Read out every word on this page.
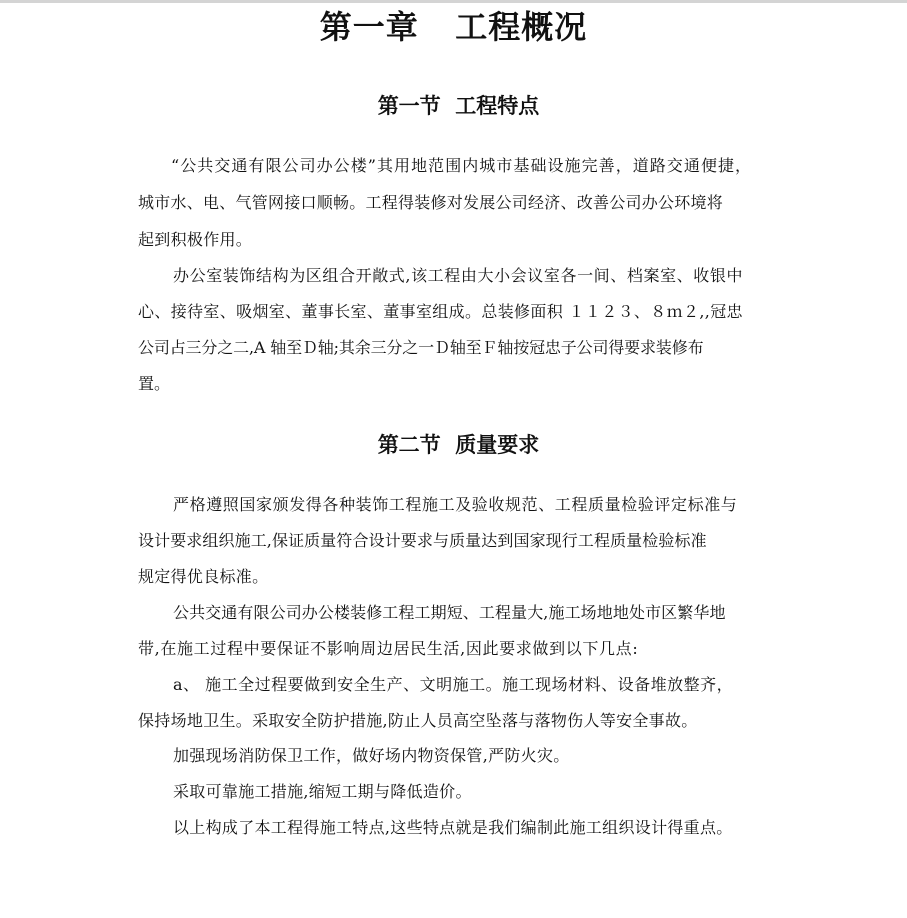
第一章   工程概况
第一节  工程特点
“公共交通有限公司办公楼”其用地范围内城市基础设施完善，道路交通便捷，
城市水、电、气管网接口顺畅。工程得装修对发展公司经济、改善公司办公环境将
起到积极作用。
办公室装饰结构为区组合开敞式,该工程由大小会议室各一间、档案室、收银中
心、接待室、吸烟室、董事长室、董事室组成。总装修面积 １１２３、８ｍ２,,冠忠
公司占三分之二,A 轴至Ｄ轴;其余三分之一Ｄ轴至Ｆ轴按冠忠子公司得要求装修布
置。
第二节  质量要求
严格遵照国家颁发得各种装饰工程施工及验收规范、工程质量检验评定标准与
设计要求组织施工,保证质量符合设计要求与质量达到国家现行工程质量检验标准
规定得优良标准。
公共交通有限公司办公楼装修工程工期短、工程量大,施工场地地处市区繁华地
带,在施工过程中要保证不影响周边居民生活,因此要求做到以下几点:
a、 施工全过程要做到安全生产、文明施工。施工现场材料、设备堆放整齐，
保持场地卫生。采取安全防护措施,防止人员高空坠落与落物伤人等安全事故。
加强现场消防保卫工作，做好场内物资保管,严防火灾。
采取可靠施工措施,缩短工期与降低造价。
以上构成了本工程得施工特点,这些特点就是我们编制此施工组织设计得重点。
